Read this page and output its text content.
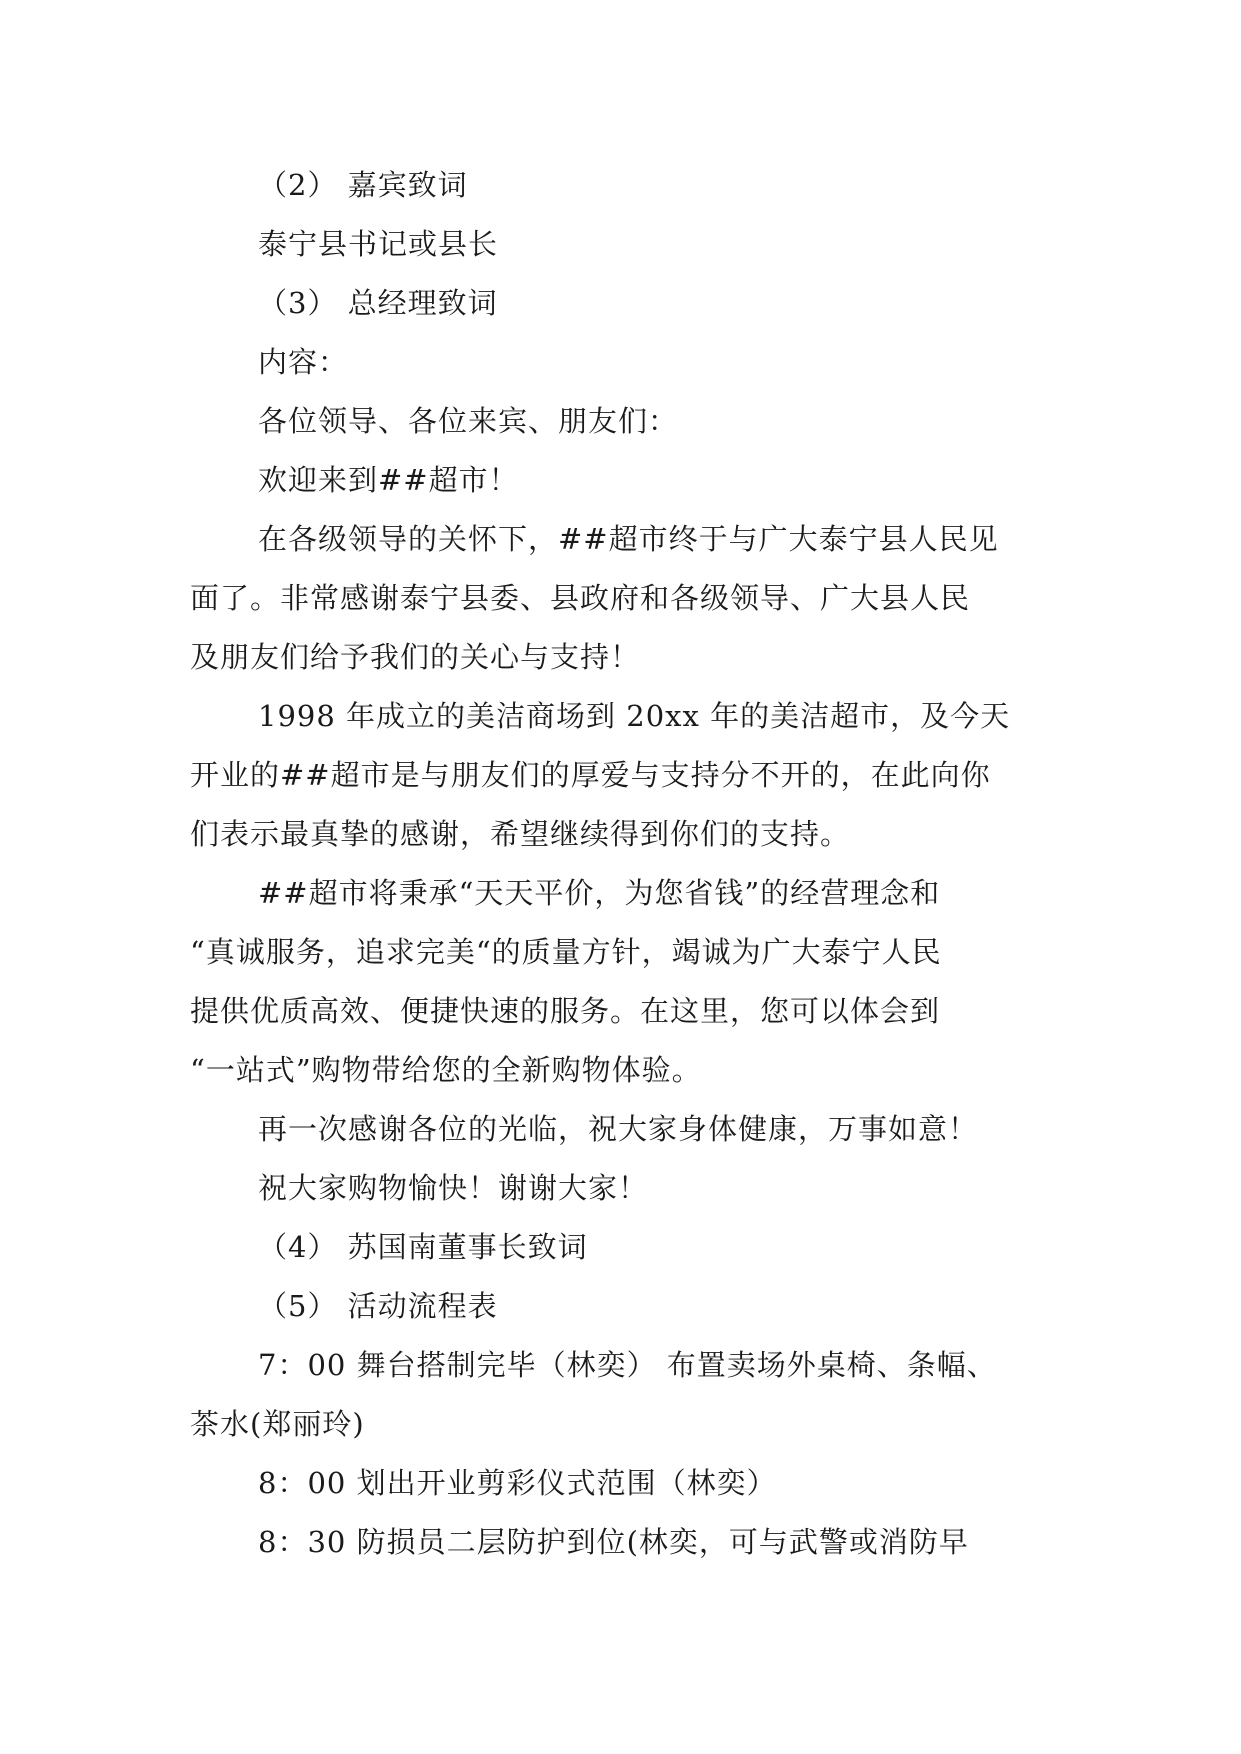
（2） 嘉宾致词
泰宁县书记或县长
（3） 总经理致词
内容：
各位领导、各位来宾、朋友们：
欢迎来到##超市！
在各级领导的关怀下，##超市终于与广大泰宁县人民见
面了。非常感谢泰宁县委、县政府和各级领导、广大县人民
及朋友们给予我们的关心与支持！
1998 年成立的美洁商场到 20xx 年的美洁超市，及今天
开业的##超市是与朋友们的厚爱与支持分不开的，在此向你
们表示最真挚的感谢，希望继续得到你们的支持。
##超市将秉承“天天平价，为您省钱”的经营理念和
“真诚服务，追求完美“的质量方针，竭诚为广大泰宁人民
提供优质高效、便捷快速的服务。在这里，您可以体会到
“一站式”购物带给您的全新购物体验。
再一次感谢各位的光临，祝大家身体健康，万事如意！
祝大家购物愉快！谢谢大家！
（4） 苏国南董事长致词
（5） 活动流程表
7：00 舞台搭制完毕（林奕） 布置卖场外桌椅、条幅、
茶水(郑丽玲)
8：00 划出开业剪彩仪式范围（林奕）
8：30 防损员二层防护到位(林奕，可与武警或消防早
